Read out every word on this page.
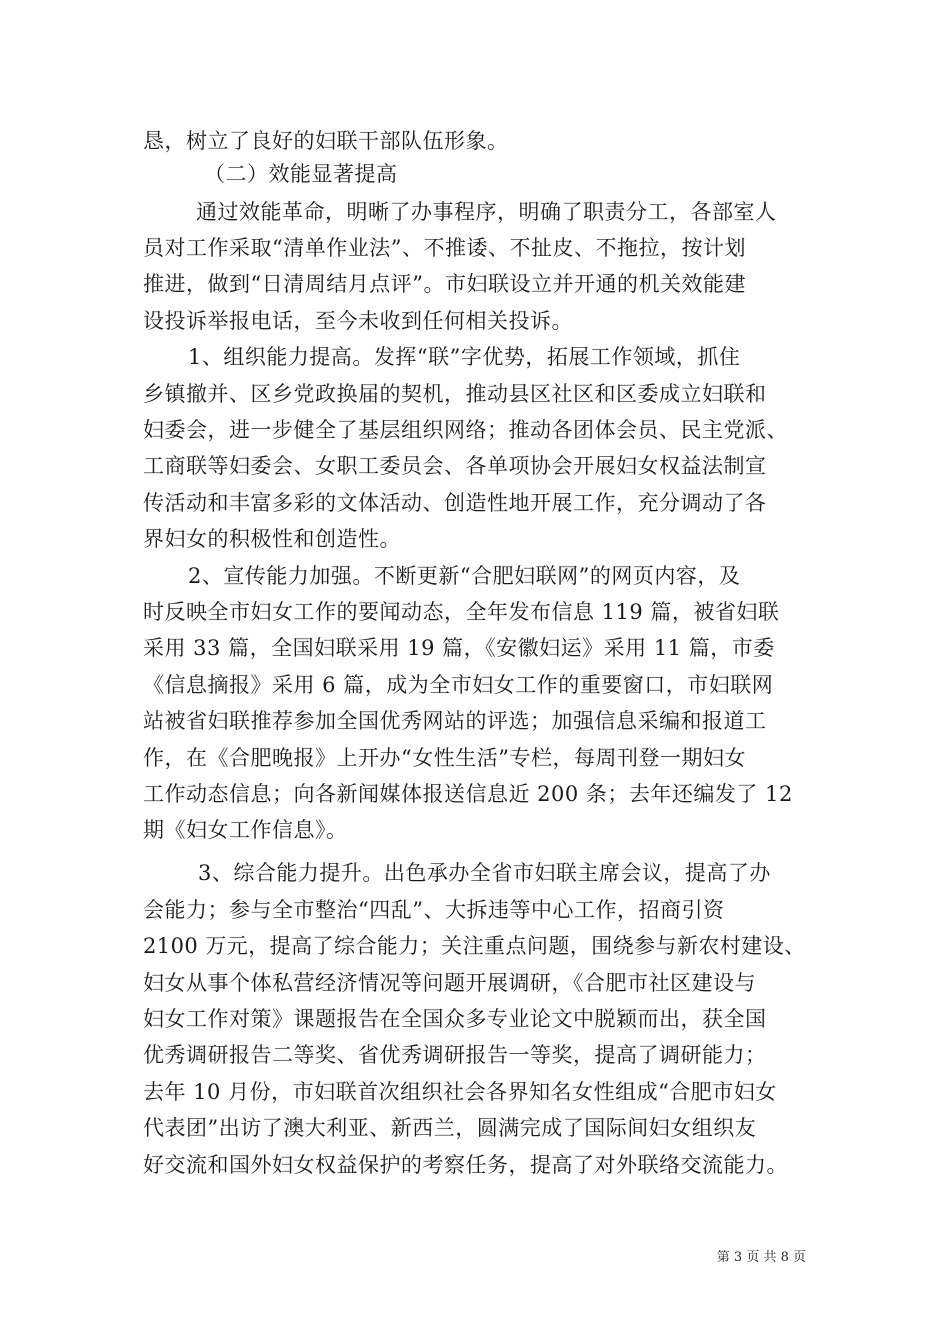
恳，树立了良好的妇联干部队伍形象。
（二）效能显著提高
通过效能革命，明晰了办事程序，明确了职责分工，各部室人
员对工作采取“清单作业法”、不推诿、不扯皮、不拖拉，按计划
推进，做到“日清周结月点评”。市妇联设立并开通的机关效能建
设投诉举报电话，至今未收到任何相关投诉。
1、组织能力提高。发挥“联”字优势，拓展工作领域，抓住
乡镇撤并、区乡党政换届的契机，推动县区社区和区委成立妇联和
妇委会，进一步健全了基层组织网络；推动各团体会员、民主党派、
工商联等妇委会、女职工委员会、各单项协会开展妇女权益法制宣
传活动和丰富多彩的文体活动、创造性地开展工作，充分调动了各
界妇女的积极性和创造性。
2、宣传能力加强。不断更新“合肥妇联网”的网页内容，及
时反映全市妇女工作的要闻动态，全年发布信息 119 篇，被省妇联
采用 33 篇，全国妇联采用 19 篇，《安徽妇运》采用 11 篇，市委
《信息摘报》采用 6 篇，成为全市妇女工作的重要窗口，市妇联网
站被省妇联推荐参加全国优秀网站的评选；加强信息采编和报道工
作，在《合肥晚报》上开办“女性生活”专栏，每周刊登一期妇女
工作动态信息；向各新闻媒体报送信息近 200 条；去年还编发了 12
期《妇女工作信息》。
3、综合能力提升。出色承办全省市妇联主席会议，提高了办
会能力；参与全市整治“四乱”、大拆违等中心工作，招商引资
2100 万元，提高了综合能力；关注重点问题，围绕参与新农村建设、
妇女从事个体私营经济情况等问题开展调研，《合肥市社区建设与
妇女工作对策》课题报告在全国众多专业论文中脱颖而出，获全国
优秀调研报告二等奖、省优秀调研报告一等奖，提高了调研能力；
去年 10 月份，市妇联首次组织社会各界知名女性组成“合肥市妇女
代表团”出访了澳大利亚、新西兰，圆满完成了国际间妇女组织友
好交流和国外妇女权益保护的考察任务，提高了对外联络交流能力。
第 3 页 共 8 页
